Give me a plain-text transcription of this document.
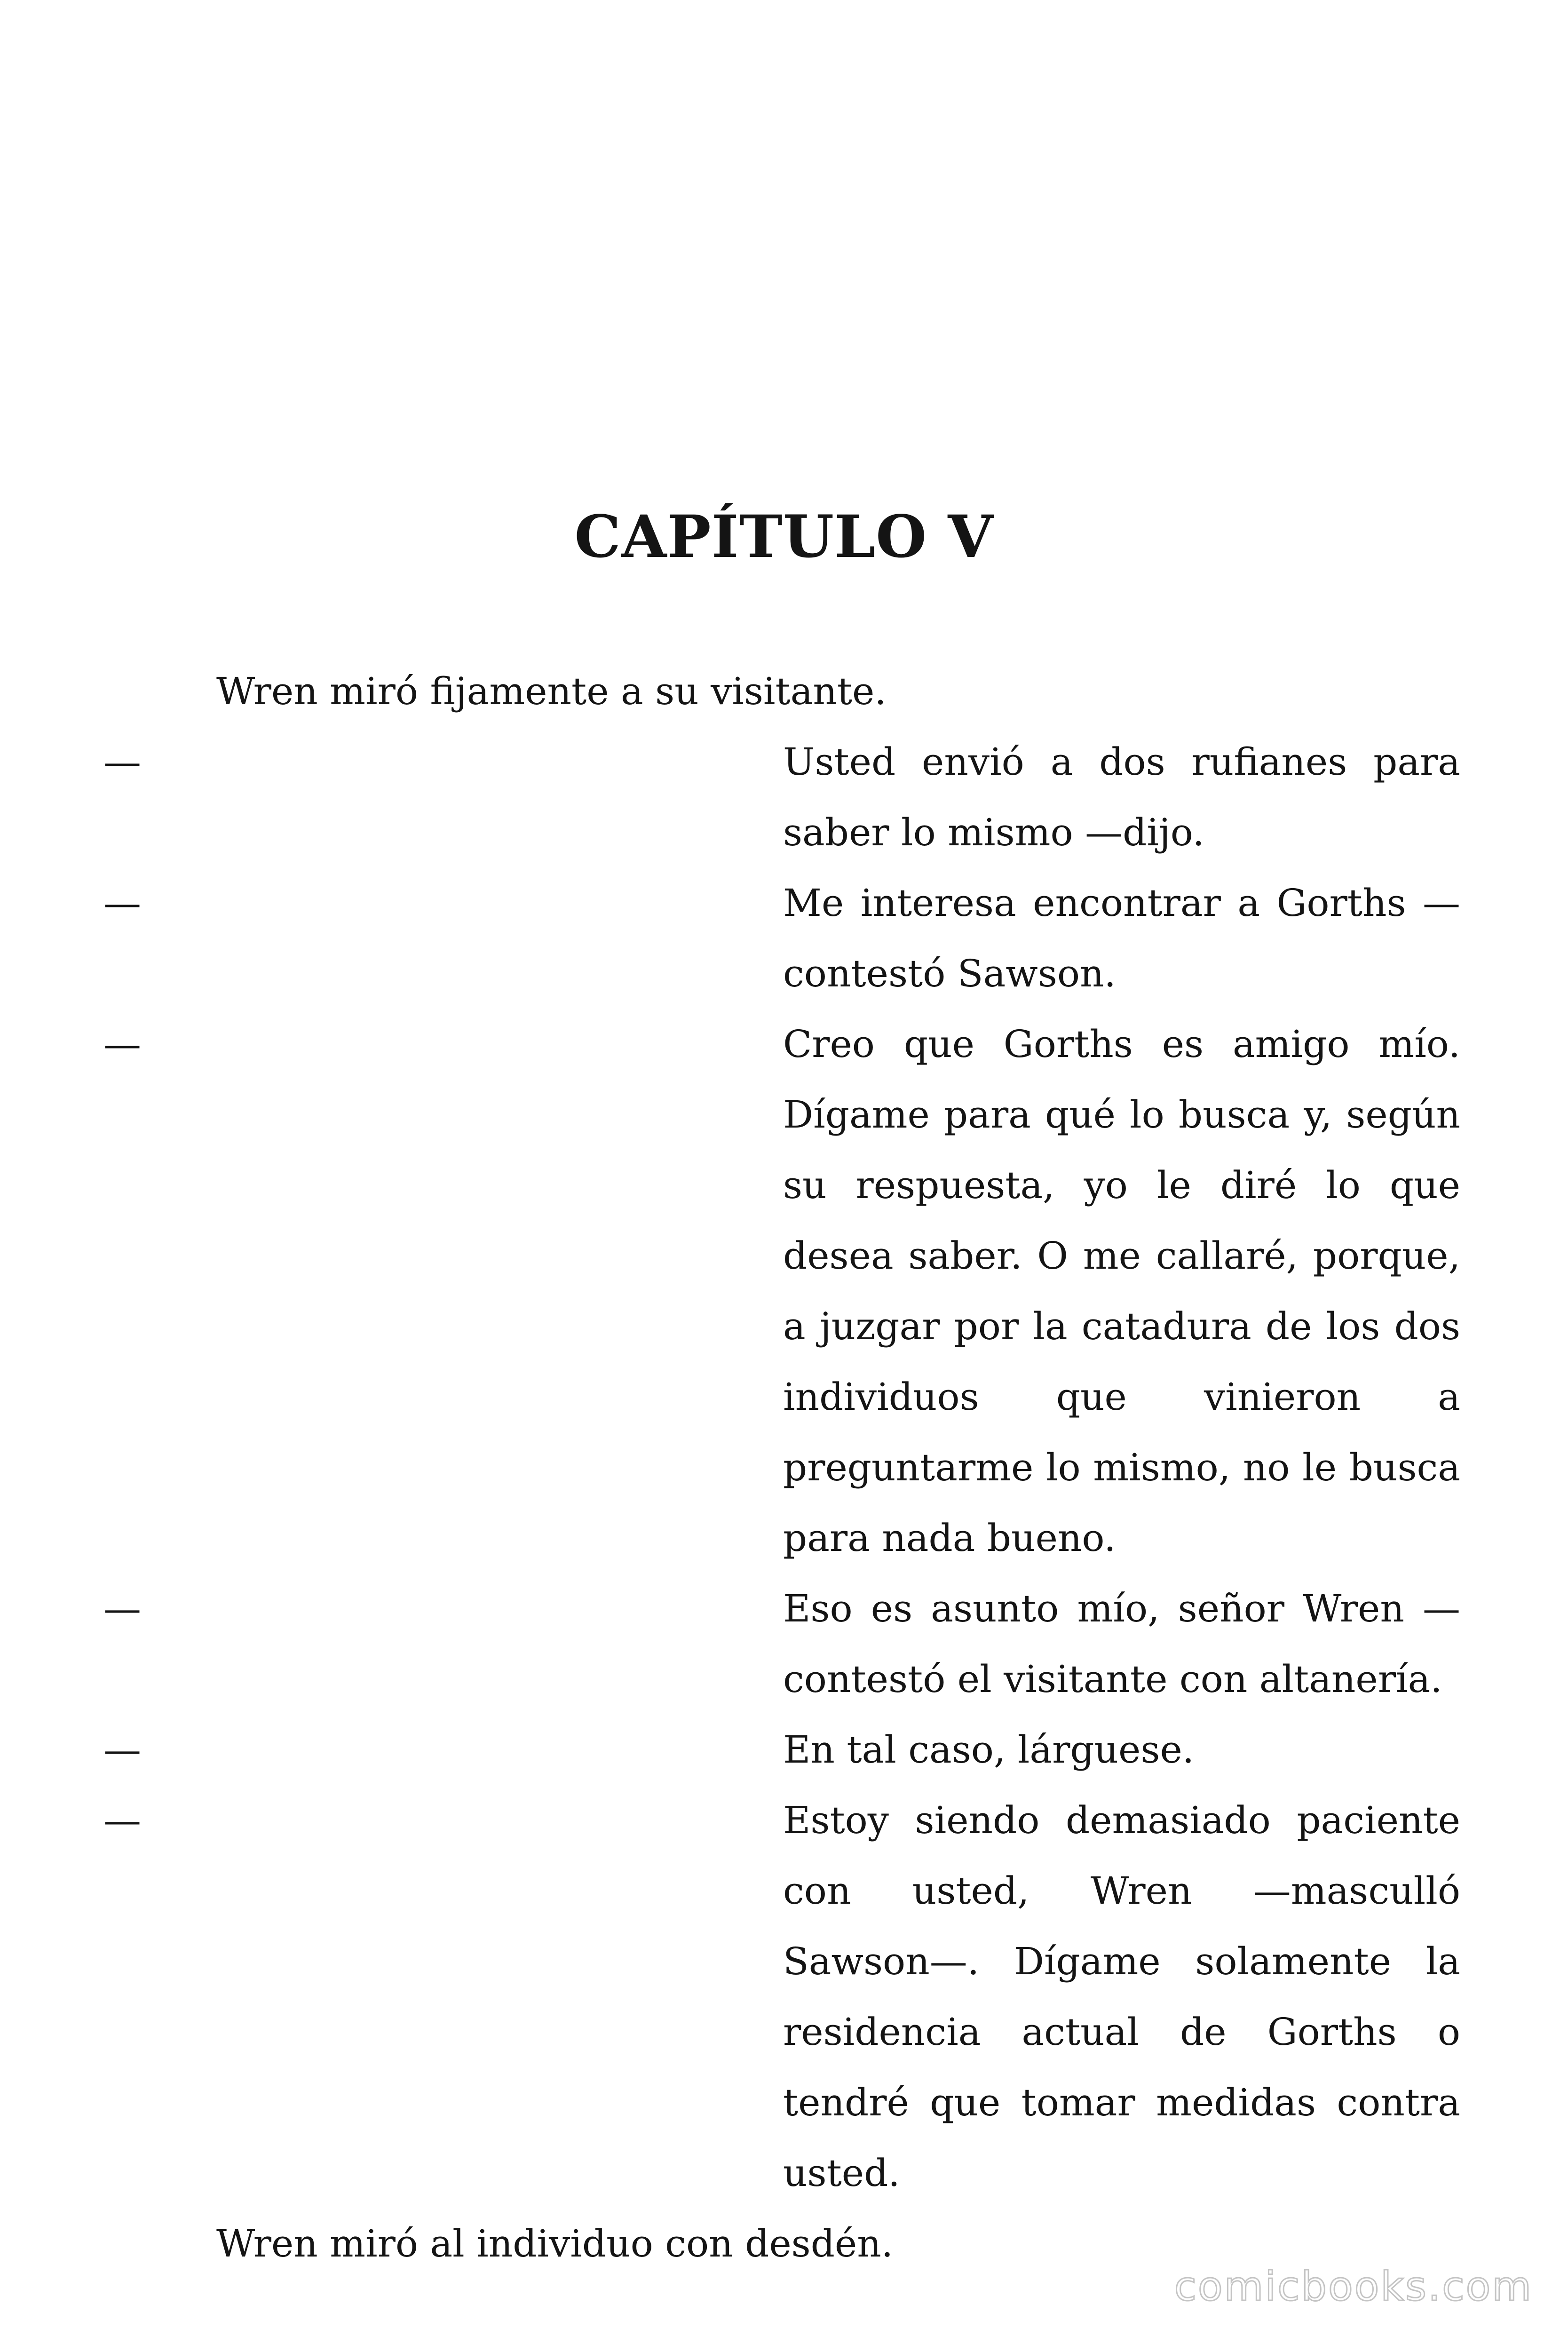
CAPÍTULO V

Wren miró fijamente a su visitante.

—	Usted envió a dos rufianes para saber lo mismo —dijo.
—	Me interesa encontrar a Gorths —contestó Sawson.
—	Creo que Gorths es amigo mío. Dígame para qué lo busca y, según su respuesta, yo le diré lo que desea saber. O me callaré, porque, a juzgar por la catadura de los dos individuos que vinieron a preguntarme lo mismo, no le busca para nada bueno.
—	Eso es asunto mío, señor Wren —contestó el visitante con altanería.
—	En tal caso, lárguese.
—	Estoy siendo demasiado paciente con usted, Wren —masculló Sawson—. Dígame solamente la residencia actual de Gorths o tendré que tomar medidas contra usted.

Wren miró al individuo con desdén.

comicbooks.com
